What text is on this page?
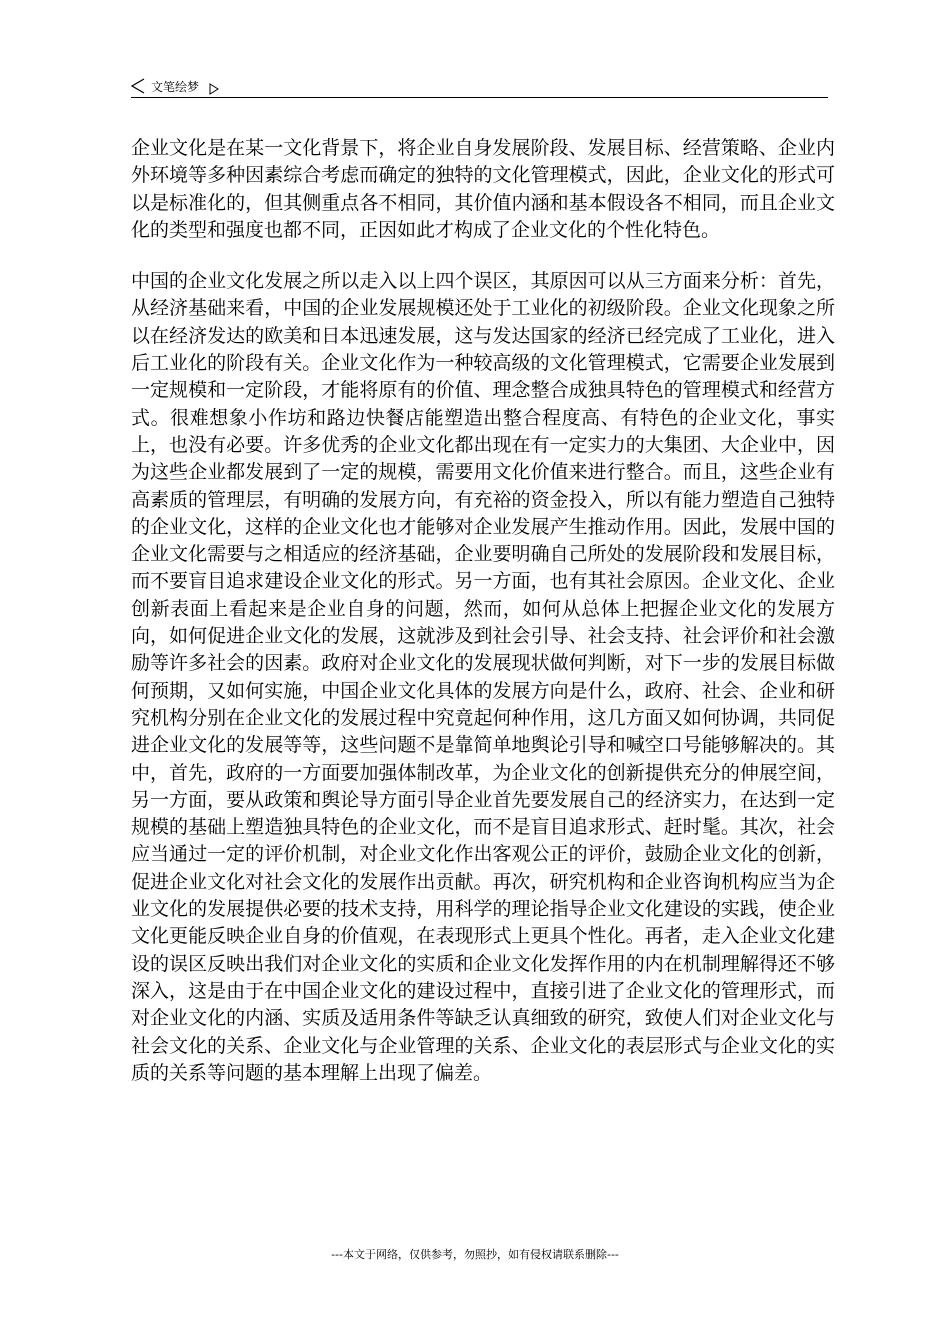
文笔绘梦

企业文化是在某一文化背景下，将企业自身发展阶段、发展目标、经营策略、企业内外环境等多种因素综合考虑而确定的独特的文化管理模式，因此，企业文化的形式可以是标准化的，但其侧重点各不相同，其价值内涵和基本假设各不相同，而且企业文化的类型和强度也都不同，正因如此才构成了企业文化的个性化特色。

中国的企业文化发展之所以走入以上四个误区，其原因可以从三方面来分析：首先，从经济基础来看，中国的企业发展规模还处于工业化的初级阶段。企业文化现象之所以在经济发达的欧美和日本迅速发展，这与发达国家的经济已经完成了工业化，进入后工业化的阶段有关。企业文化作为一种较高级的文化管理模式，它需要企业发展到一定规模和一定阶段，才能将原有的价值、理念整合成独具特色的管理模式和经营方式。很难想象小作坊和路边快餐店能塑造出整合程度高、有特色的企业文化，事实上，也没有必要。许多优秀的企业文化都出现在有一定实力的大集团、大企业中，因为这些企业都发展到了一定的规模，需要用文化价值来进行整合。而且，这些企业有高素质的管理层，有明确的发展方向，有充裕的资金投入，所以有能力塑造自己独特的企业文化，这样的企业文化也才能够对企业发展产生推动作用。因此，发展中国的企业文化需要与之相适应的经济基础，企业要明确自己所处的发展阶段和发展目标，而不要盲目追求建设企业文化的形式。另一方面，也有其社会原因。企业文化、企业创新表面上看起来是企业自身的问题，然而，如何从总体上把握企业文化的发展方向，如何促进企业文化的发展，这就涉及到社会引导、社会支持、社会评价和社会激励等许多社会的因素。政府对企业文化的发展现状做何判断，对下一步的发展目标做何预期，又如何实施，中国企业文化具体的发展方向是什么，政府、社会、企业和研究机构分别在企业文化的发展过程中究竟起何种作用，这几方面又如何协调，共同促进企业文化的发展等等，这些问题不是靠简单地舆论引导和喊空口号能够解决的。其中，首先，政府的一方面要加强体制改革，为企业文化的创新提供充分的伸展空间，另一方面，要从政策和舆论导方面引导企业首先要发展自己的经济实力，在达到一定规模的基础上塑造独具特色的企业文化，而不是盲目追求形式、赶时髦。其次，社会应当通过一定的评价机制，对企业文化作出客观公正的评价，鼓励企业文化的创新，促进企业文化对社会文化的发展作出贡献。再次，研究机构和企业咨询机构应当为企业文化的发展提供必要的技术支持，用科学的理论指导企业文化建设的实践，使企业文化更能反映企业自身的价值观，在表现形式上更具个性化。再者，走入企业文化建设的误区反映出我们对企业文化的实质和企业文化发挥作用的内在机制理解得还不够深入，这是由于在中国企业文化的建设过程中，直接引进了企业文化的管理形式，而对企业文化的内涵、实质及适用条件等缺乏认真细致的研究，致使人们对企业文化与社会文化的关系、企业文化与企业管理的关系、企业文化的表层形式与企业文化的实质的关系等问题的基本理解上出现了偏差。

---本文于网络，仅供参考，勿照抄，如有侵权请联系删除---
